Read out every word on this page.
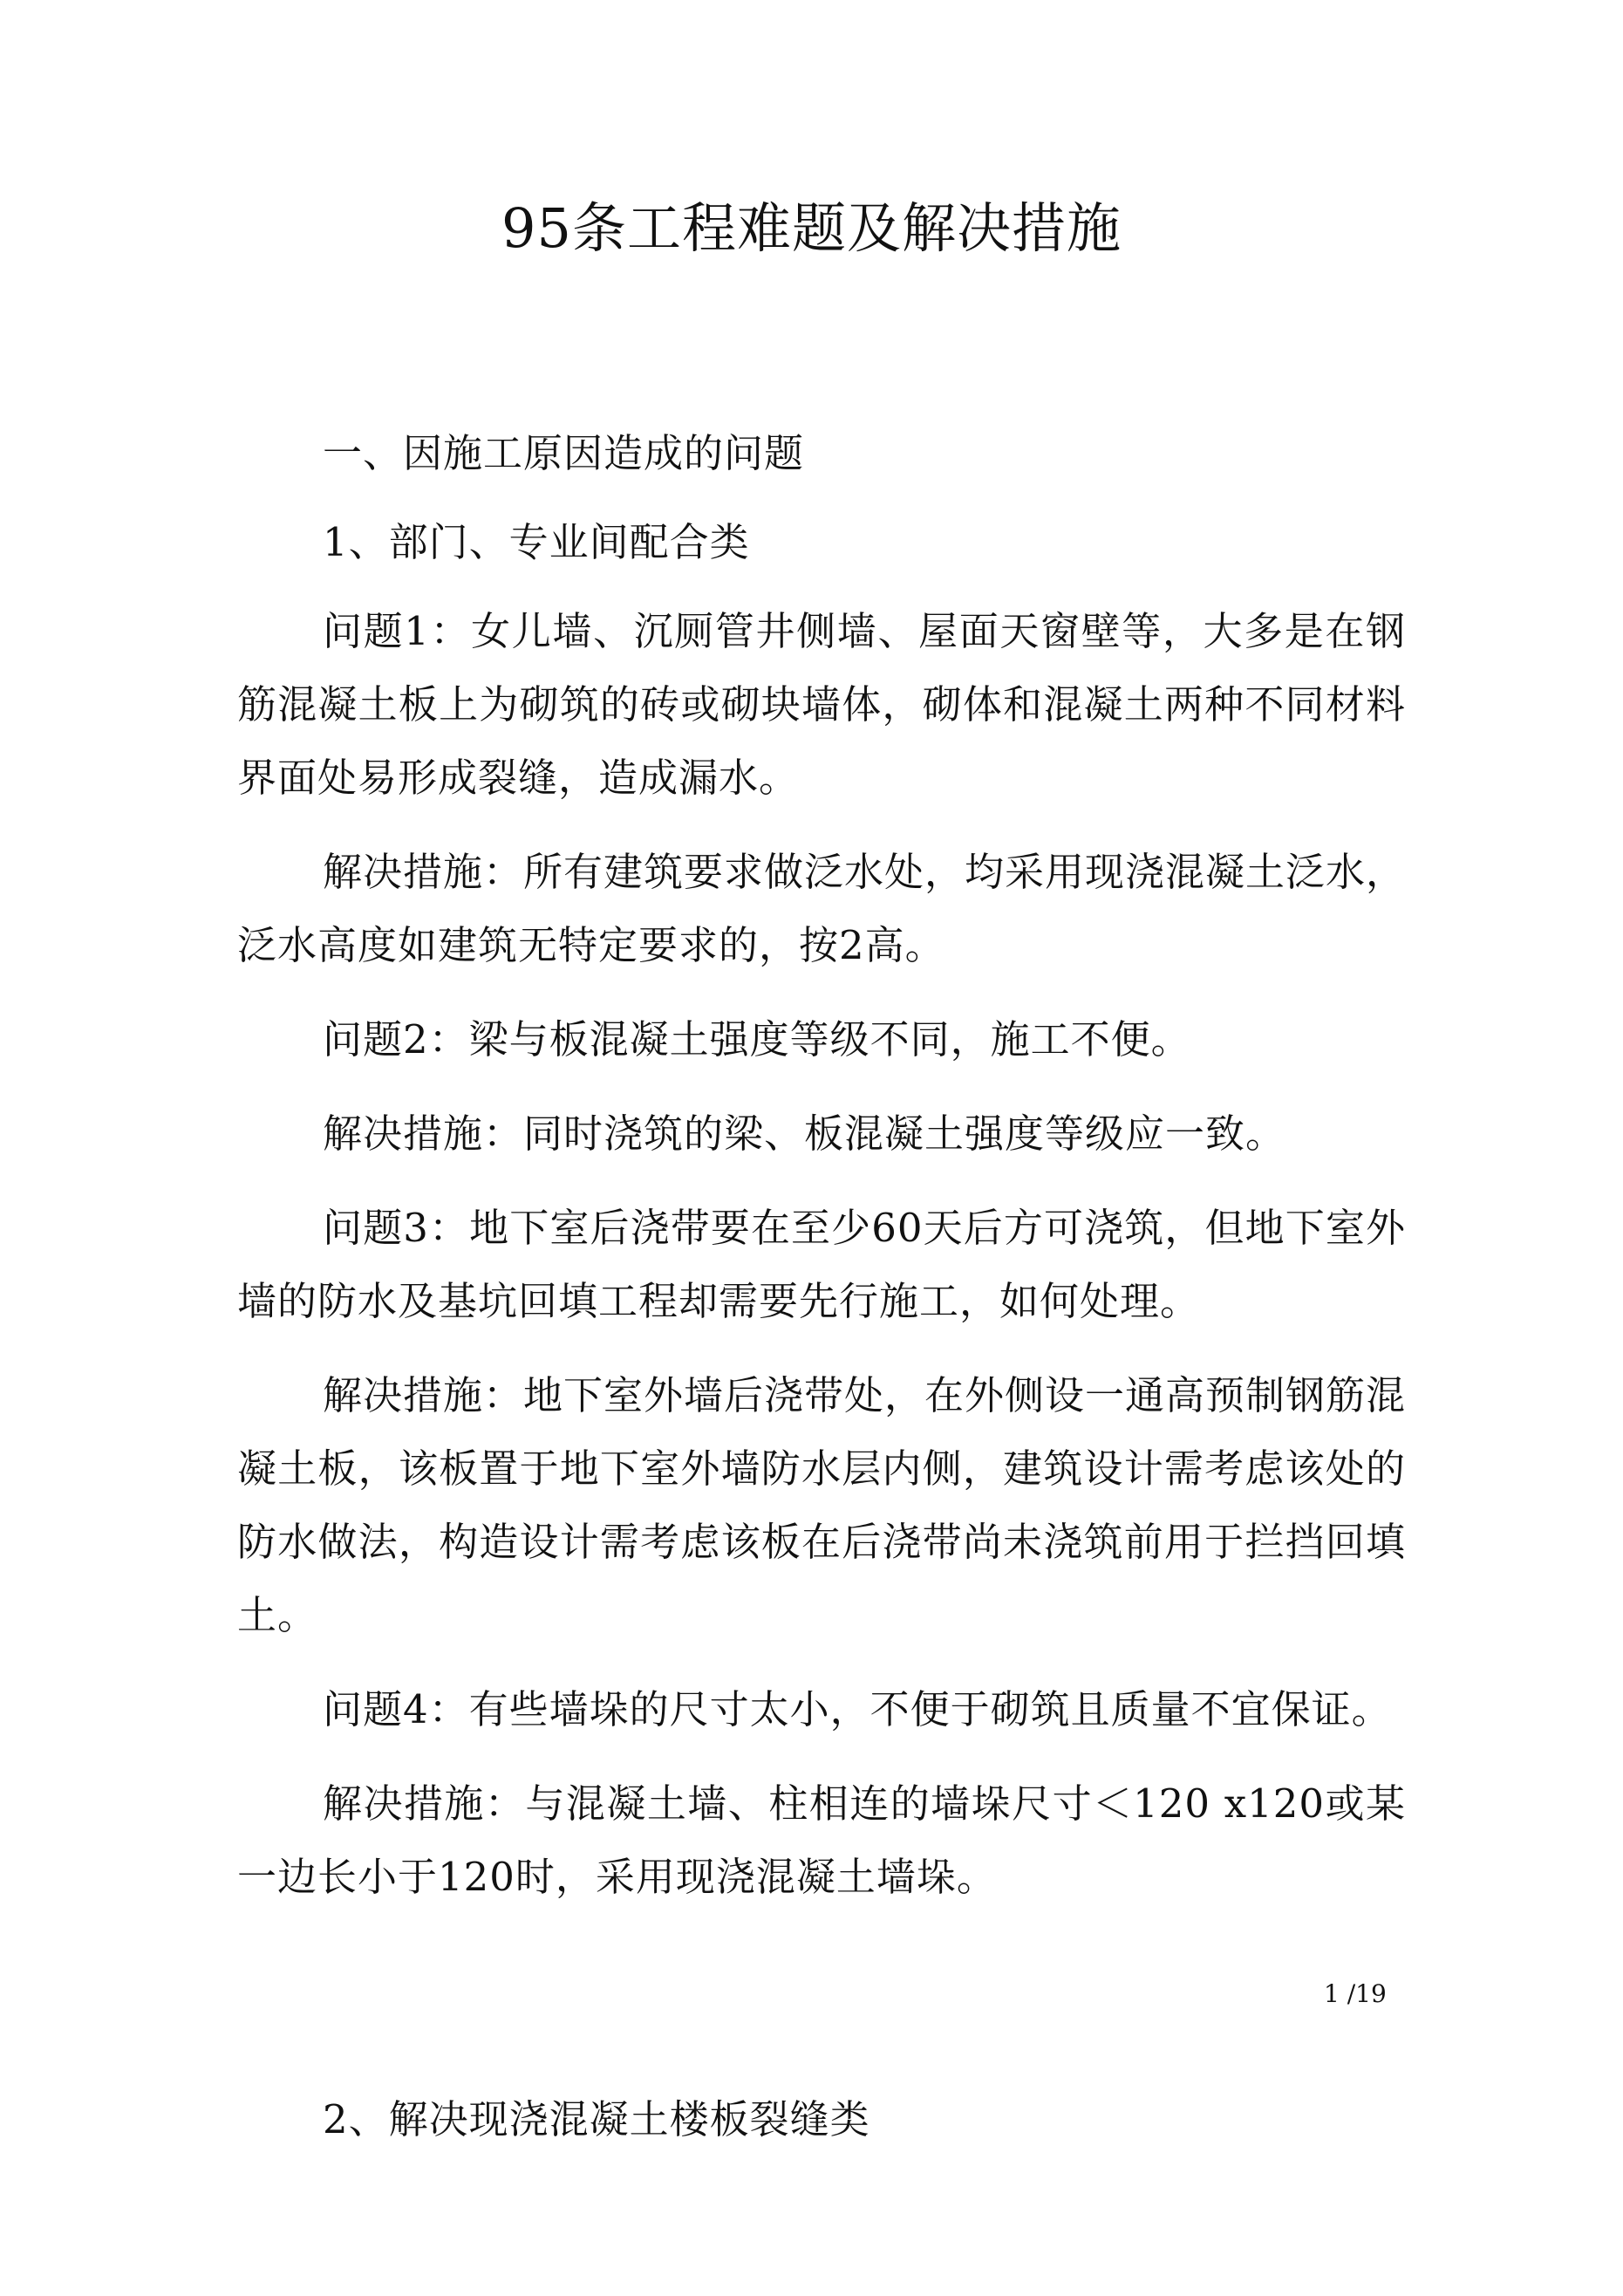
95条工程难题及解决措施

一、因施工原因造成的问题

1、部门、专业间配合类

问题1：女儿墙、沉厕管井侧墙、屋面天窗壁等，大多是在钢筋混凝土板上为砌筑的砖或砌块墙体，砌体和混凝土两种不同材料界面处易形成裂缝，造成漏水。

解决措施：所有建筑要求做泛水处，均采用现浇混凝土泛水，泛水高度如建筑无特定要求的，按2高。

问题2：梁与板混凝土强度等级不同，施工不便。

解决措施：同时浇筑的梁、板混凝土强度等级应一致。

问题3：地下室后浇带要在至少60天后方可浇筑，但地下室外墙的防水及基坑回填工程却需要先行施工，如何处理。

解决措施：地下室外墙后浇带处，在外侧设一通高预制钢筋混凝土板，该板置于地下室外墙防水层内侧，建筑设计需考虑该处的防水做法，构造设计需考虑该板在后浇带尚未浇筑前用于拦挡回填土。

问题4：有些墙垛的尺寸太小，不便于砌筑且质量不宜保证。

解决措施：与混凝土墙、柱相连的墙垛尺寸＜120 x120或某一边长小于120时，采用现浇混凝土墙垛。

1 /19
2、解决现浇混凝土楼板裂缝类
